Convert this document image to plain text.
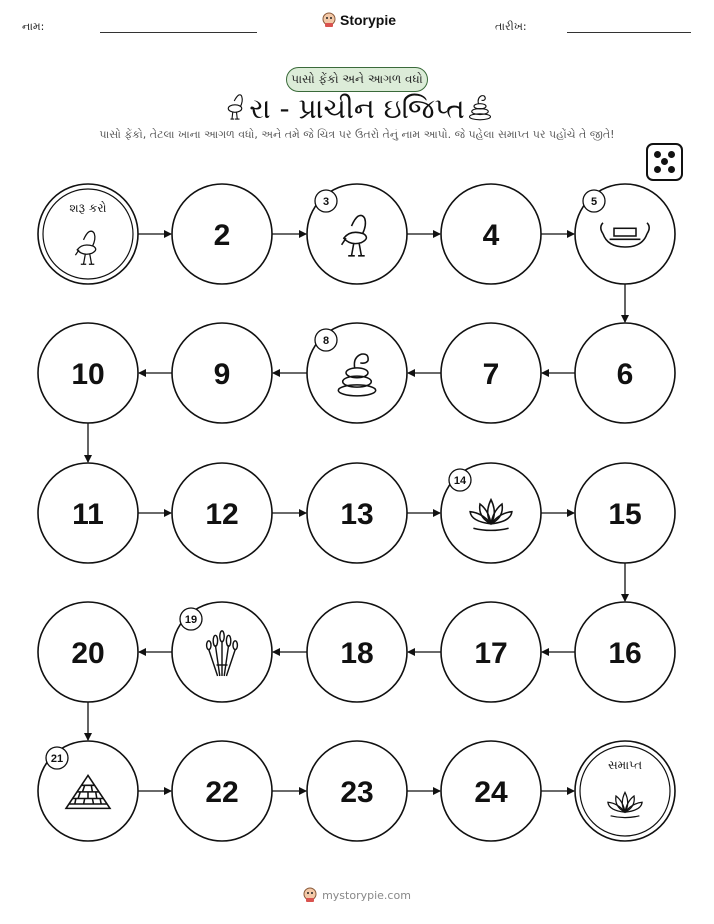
નામ:	Storypie	તારીખ:
પાસો ફેંકો અને આગળ વધો
રા - પ્રાચીન ઇજિપ્ત
પાસો ફેંકો, તેટલા ખાના આગળ વધો, અને તમે જે ચિત્ર પર ઉતરો તેનું નામ આપો. જે પહેલા સમાપ્ત પર પહોંચે તે જીતે!
શરૂ કરો
2
3
4
5
6
7
8
9
10
11	12	13
14
15
16
17
18
19
20
21
22	23	24
સમાપ્ત
mystorypie.com
